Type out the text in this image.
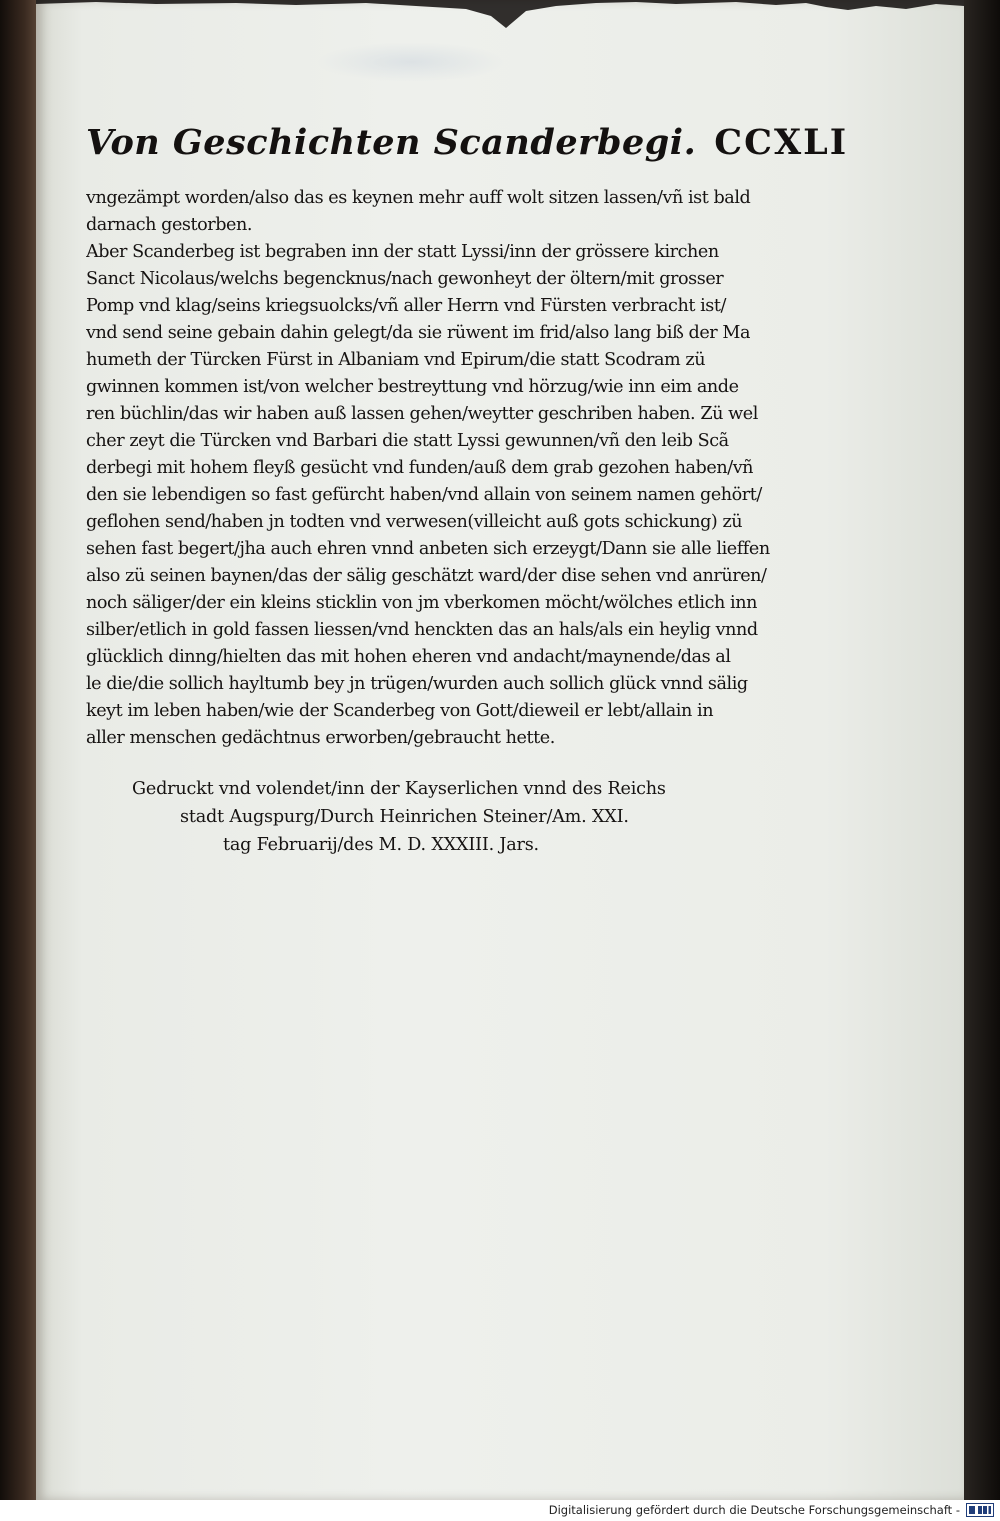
Von Geschichten Scanderbegi. CCXLI
vngezämpt worden/also das es keynen mehr auff wolt sitzen lassen/vñ ist bald
darnach gestorben.
Aber Scanderbeg ist begraben inn der statt Lyssi/inn der grössere kirchen
Sanct Nicolaus/welchs begencknus/nach gewonheyt der öltern/mit grosser
Pomp vnd klag/seins kriegsuolcks/vñ aller Herrn vnd Fürsten verbracht ist/
vnd send seine gebain dahin gelegt/da sie rüwent im frid/also lang biß der Ma
humeth der Türcken Fürst in Albaniam vnd Epirum/die statt Scodram zü
gwinnen kommen ist/von welcher bestreyttung vnd hörzug/wie inn eim ande
ren büchlin/das wir haben auß lassen gehen/weytter geschriben haben. Zü wel
cher zeyt die Türcken vnd Barbari die statt Lyssi gewunnen/vñ den leib Scã
derbegi mit hohem fleyß gesücht vnd funden/auß dem grab gezohen haben/vñ
den sie lebendigen so fast gefürcht haben/vnd allain von seinem namen gehört/
geflohen send/haben jn todten vnd verwesen(villeicht auß gots schickung) zü
sehen fast begert/jha auch ehren vnnd anbeten sich erzeygt/Dann sie alle lieffen
also zü seinen baynen/das der sälig geschätzt ward/der dise sehen vnd anrüren/
noch säliger/der ein kleins sticklin von jm vberkomen möcht/wölches etlich inn
silber/etlich in gold fassen liessen/vnd henckten das an hals/als ein heylig vnnd
glücklich dinng/hielten das mit hohen eheren vnd andacht/maynende/das al
le die/die sollich hayltumb bey jn trügen/wurden auch sollich glück vnnd sälig
keyt im leben haben/wie der Scanderbeg von Gott/dieweil er lebt/allain in
aller menschen gedächtnus erworben/gebraucht hette.
Gedruckt vnd volendet/inn der Kayserlichen vnnd des Reichs
stadt Augspurg/Durch Heinrichen Steiner/Am. XXI.
tag Februarij/des M. D. XXXIII. Jars.
Digitalisierung gefördert durch die Deutsche Forschungsgemeinschaft -
